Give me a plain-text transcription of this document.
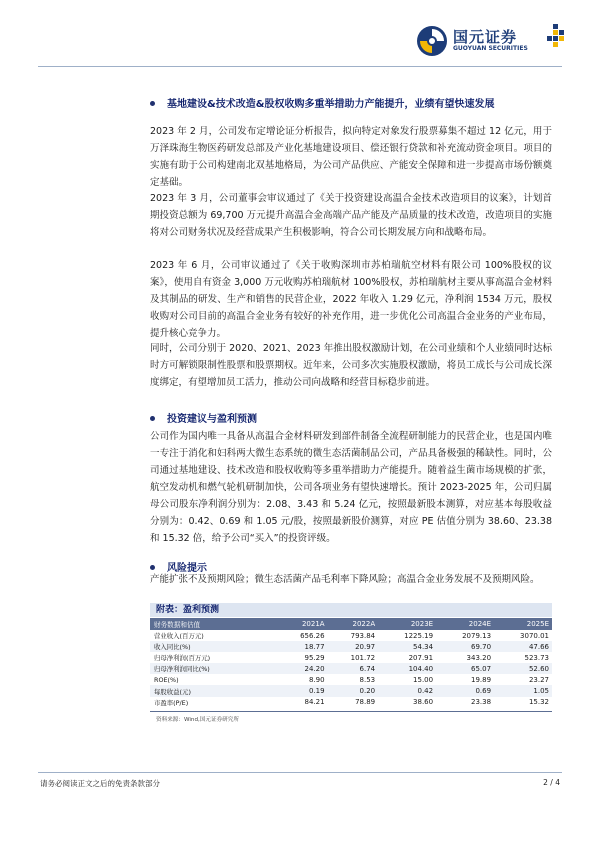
国元证券
GUOYUAN SECURITIES
基地建设&技术改造&股权收购多重举措助力产能提升，业绩有望快速发展
2023 年 2 月，公司发布定增论证分析报告，拟向特定对象发行股票募集不超过 12 亿元，用于万泽珠海生物医药研发总部及产业化基地建设项目、偿还银行贷款和补充流动资金项目。项目的实施有助于公司构建南北双基地格局，为公司产品供应、产能安全保障和进一步提高市场份额奠定基础。
2023 年 3 月，公司董事会审议通过了《关于投资建设高温合金技术改造项目的议案》，计划首期投资总额为 69,700 万元提升高温合金高端产品产能及产品质量的技术改造，改造项目的实施将对公司财务状况及经营成果产生积极影响，符合公司长期发展方向和战略布局。
2023 年 6 月，公司审议通过了《关于收购深圳市苏柏瑞航空材料有限公司 100%股权的议案》，使用自有资金 3,000 万元收购苏柏瑞航材 100%股权，苏柏瑞航材主要从事高温合金材料及其制品的研发、生产和销售的民营企业，2022 年收入 1.29 亿元，净利润 1534 万元，股权收购对公司目前的高温合金业务有较好的补充作用，进一步优化公司高温合金业务的产业布局，提升核心竞争力。
同时，公司分别于 2020、2021、2023 年推出股权激励计划，在公司业绩和个人业绩同时达标时方可解锁限制性股票和股票期权。近年来，公司多次实施股权激励，将员工成长与公司成长深度绑定，有望增加员工活力，推动公司向战略和经营目标稳步前进。
投资建议与盈利预测
公司作为国内唯一具备从高温合金材料研发到部件制备全流程研制能力的民营企业，也是国内唯一专注于消化和妇科两大微生态系统的微生态活菌制品公司，产品具备极强的稀缺性。同时，公司通过基地建设、技术改造和股权收购等多重举措助力产能提升。随着益生菌市场规模的扩张，航空发动机和燃气轮机研制加快，公司各项业务有望快速增长。预计 2023-2025 年，公司归属母公司股东净利润分别为：2.08、3.43 和 5.24 亿元，按照最新股本测算，对应基本每股收益分别为：0.42、0.69 和 1.05 元/股，按照最新股价测算，对应 PE 估值分别为 38.60、23.38 和 15.32 倍，给予公司“买入”的投资评级。
风险提示
产能扩张不及预期风险；微生态活菌产品毛利率下降风险；高温合金业务发展不及预期风险。
附表：盈利预测
财务数据和估值	2021A	2022A	2023E	2024E	2025E
营业收入(百万元)	656.26	793.84	1225.19	2079.13	3070.01
收入同比(%)	18.77	20.97	54.34	69.70	47.66
归母净利润(百万元)	95.29	101.72	207.91	343.20	523.73
归母净利润同比(%)	24.20	6.74	104.40	65.07	52.60
ROE(%)	8.90	8.53	15.00	19.89	23.27
每股收益(元)	0.19	0.20	0.42	0.69	1.05
市盈率(P/E)	84.21	78.89	38.60	23.38	15.32
资料来源：Wind,国元证券研究所
请务必阅读正文之后的免责条款部分	2 / 4
